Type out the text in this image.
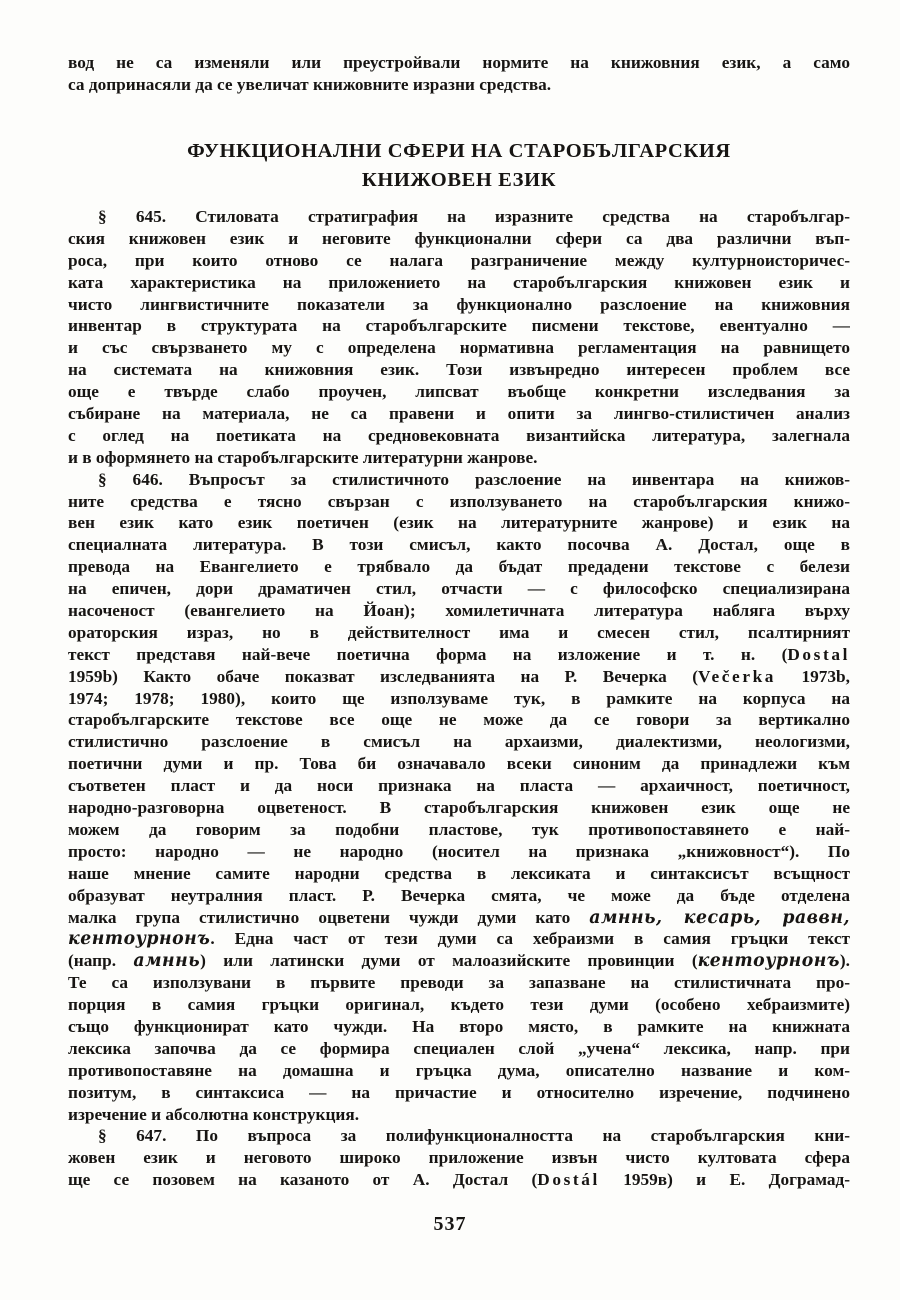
вод не са изменяли или преустройвали нормите на книжовния език, а само
са допринасяли да се увеличат книжовните изразни средства.
ФУНКЦИОНАЛНИ СФЕРИ НА СТАРОБЪЛГАРСКИЯ
КНИЖОВЕН ЕЗИК
§ 645. Стиловата стратиграфия на изразните средства на старобългар-
ския книжовен език и неговите функционални сфери са два различни въп-
роса, при които отново се налага разграничение между културноисторичес-
ката характеристика на приложението на старобългарския книжовен език и
чисто лингвистичните показатели за функционално разслоение на книжовния
инвентар в структурата на старобългарските писмени текстове, евентуално —
и със свързването му с определена нормативна регламентация на равнището
на системата на книжовния език. Този извънредно интересен проблем все
още е твърде слабо проучен, липсват въобще конкретни изследвания за
събиране на материала, не са правени и опити за лингво-стилистичен анализ
с оглед на поетиката на средновековната византийска литература, залегнала
и в оформянето на старобългарските литературни жанрове.
§ 646. Въпросът за стилистичното разслоение на инвентара на книжов-
ните средства е тясно свързан с използуването на старобългарския книжо-
вен език като език поетичен (език на литературните жанрове) и език на
специалната литература. В този смисъл, както посочва А. Достал, още в
превода на Евангелието е трябвало да бъдат предадени текстове с белези
на епичен, дори драматичен стил, отчасти — с философско специализирана
насоченост (евангелието на Йоан); хомилетичната литература набляга върху
ораторския израз, но в действителност има и смесен стил, псалтирният
текст представя най-вече поетична форма на изложение и т. н. (Dostal
1959b) Както обаче показват изследванията на Р. Вечерка (Večerka 1973b,
1974; 1978; 1980), които ще използуваме тук, в рамките на корпуса на
старобългарските текстове все още не може да се говори за вертикално
стилистично разслоение в смисъл на архаизми, диалектизми, неологизми,
поетични думи и пр. Това би означавало всеки синоним да принадлежи към
съответен пласт и да носи признака на пласта — архаичност, поетичност,
народно-разговорна оцветеност. В старобългарския книжовен език още не
можем да говорим за подобни пластове, тук противопоставянето е най-
просто: народно — не народно (носител на признака „книжовност“). По
наше мнение самите народни средства в лексиката и синтаксисът всъщност
образуват неутралния пласт. Р. Вечерка смята, че може да бъде отделена
малка група стилистично оцветени чужди думи като амннь, кесарь, раввн,
кентоурнонъ. Една част от тези думи са хебраизми в самия гръцки текст
(напр. амннь) или латински думи от малоазийските провинции (кентоурнонъ).
Те са използувани в първите преводи за запазване на стилистичната про-
порция в самия гръцки оригинал, където тези думи (особено хебраизмите)
също функционират като чужди. На второ място, в рамките на книжната
лексика започва да се формира специален слой „учена“ лексика, напр. при
противопоставяне на домашна и гръцка дума, описателно название и ком-
позитум, в синтаксиса — на причастие и относително изречение, подчинено
изречение и абсолютна конструкция.
§ 647. По въпроса за полифункционалността на старобългарския кни-
жовен език и неговото широко приложение извън чисто култовата сфера
ще се позовем на казаното от А. Достал (Dostál 1959в) и Е. Дограмад-
537
